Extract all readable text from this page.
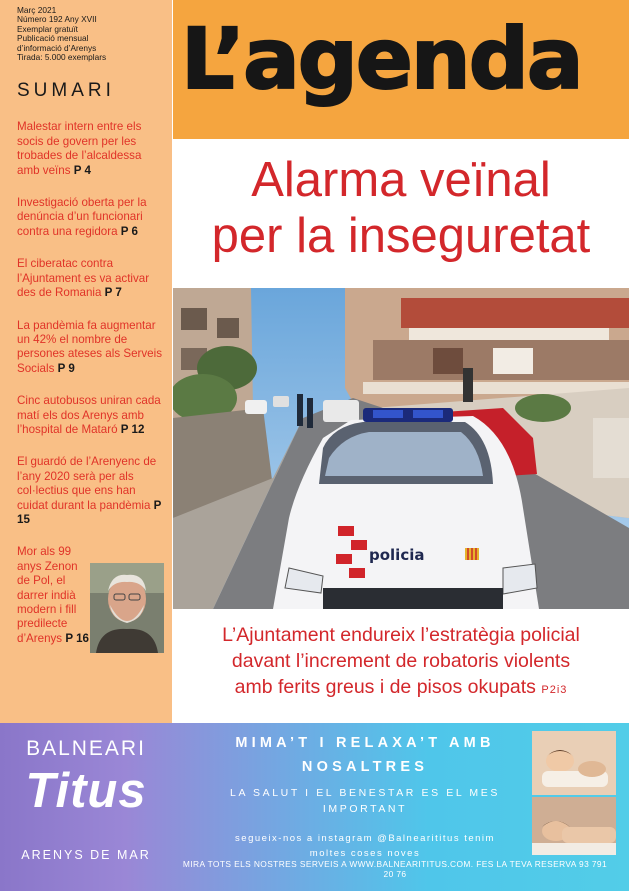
Març 2021
Número 192 Any XVII
Exemplar gratuït
Publicació mensual
d’informació d’Arenys
Tirada: 5.000 exemplars
SUMARI
Malestar intern entre els socis de govern per les trobades de l’alcaldessa amb veïns P 4
Investigació oberta per la denúncia d’un funcionari contra una regidora P 6
El ciberatac contra l’Ajuntament es va activar des de Romania P 7
La pandèmia fa augmentar un 42% el nombre de persones ateses als Serveis Socials P 9
Cinc autobusos uniran cada matí els dos Arenys amb l’hospital de Mataró P 12
El guardó de l’Arenyenc de l’any 2020 serà per als col·lectius que ens han cuidat durant la pandèmia P 15
Mor als 99
anys Zenon
de Pol, el
darrer indià
modern i fill
predilecte
d’Arenys P 16
L’agenda
Alarma veïnal
per la inseguretat
policia
L’Ajuntament endureix l’estratègia policial
davant l’increment de robatoris violents
amb ferits greus i de pisos okupats P2i3
BALNEARI
Titus
ARENYS DE MAR
MIMA’T I RELAXA’T AMB
NOSALTRES
LA SALUT I EL BENESTAR ES EL MES
IMPORTANT
segueix-nos a instagram @Balnearititus tenim
moltes coses noves
MIRA TOTS ELS NOSTRES SERVEIS A WWW.BALNEARITITUS.COM. FES LA TEVA RESERVA 93 791 20 76
